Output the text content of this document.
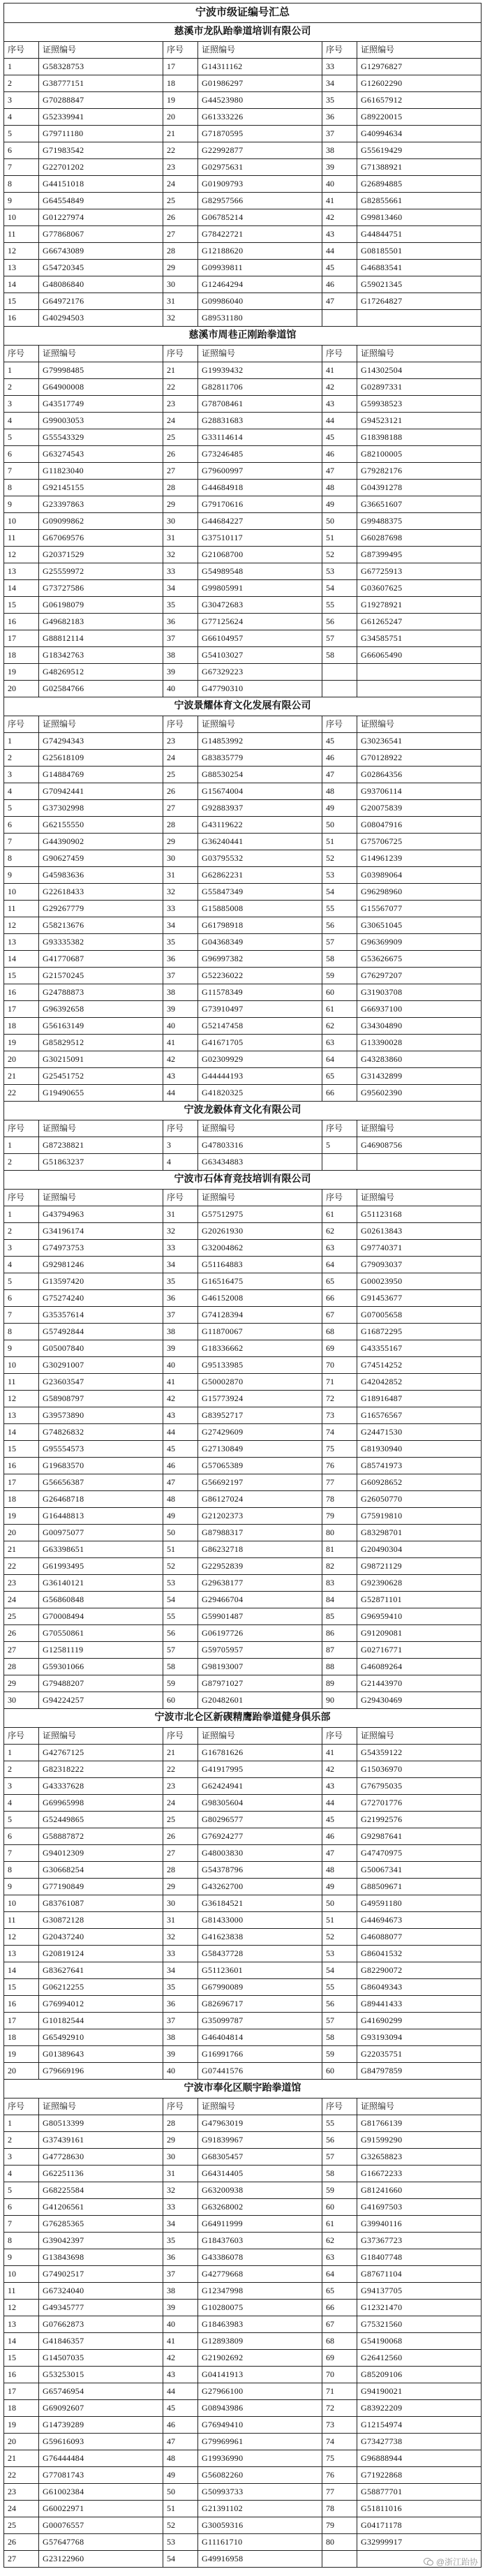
宁波市级证编号汇总
慈溪市龙队跆拳道培训有限公司
序号	证照编号	序号	证照编号	序号	证照编号
1	G58328753	17	G14311162	33	G12976827
2	G38777151	18	G01986297	34	G12602290
3	G70288847	19	G44523980	35	G61657912
4	G52339941	20	G61333226	36	G89220015
5	G79711180	21	G71870595	37	G40994634
6	G71983542	22	G22992877	38	G55619429
7	G22701202	23	G02975631	39	G71388921
8	G44151018	24	G01909793	40	G26894885
9	G64554849	25	G82957566	41	G82855661
10	G01227974	26	G06785214	42	G99813460
11	G77868067	27	G78422721	43	G44844751
12	G66743089	28	G12188620	44	G08185501
13	G54720345	29	G09939811	45	G46883541
14	G48086840	30	G12464294	46	G59021345
15	G64972176	31	G09986040	47	G17264827
16	G40294503	32	G89531180
慈溪市周巷正刚跆拳道馆
序号	证照编号	序号	证照编号	序号	证照编号
1	G79998485	21	G19939432	41	G14302504
2	G64900008	22	G82811706	42	G02897331
3	G43517749	23	G78708461	43	G59938523
4	G99003053	24	G28831683	44	G94523121
5	G55543329	25	G33114614	45	G18398188
6	G63274543	26	G73246485	46	G82100005
7	G11823040	27	G79600997	47	G79282176
8	G92145155	28	G44684918	48	G04391278
9	G23397863	29	G79170616	49	G36651607
10	G09099862	30	G44684227	50	G99488375
11	G67069576	31	G37510117	51	G60287698
12	G20371529	32	G21068700	52	G87399495
13	G25559972	33	G54989548	53	G67725913
14	G73727586	34	G99805991	54	G03607625
15	G06198079	35	G30472683	55	G19278921
16	G49682183	36	G77125624	56	G61265247
17	G88812114	37	G66104957	57	G34585751
18	G18342763	38	G54103027	58	G66065490
19	G48269512	39	G67329223
20	G02584766	40	G47790310
宁波景耀体育文化发展有限公司
序号	证照编号	序号	证照编号	序号	证照编号
1	G74294343	23	G14853992	45	G30236541
2	G25618109	24	G83835779	46	G70128922
3	G14884769	25	G88530254	47	G02864356
4	G70942441	26	G15674004	48	G93706114
5	G37302998	27	G92883937	49	G20075839
6	G62155550	28	G43119622	50	G08047916
7	G44390902	29	G36240441	51	G75706725
8	G90627459	30	G03795532	52	G14961239
9	G45983636	31	G62862231	53	G03989064
10	G22618433	32	G55847349	54	G96298960
11	G29267779	33	G15885008	55	G15567077
12	G58213676	34	G61798918	56	G30651045
13	G93335382	35	G04368349	57	G96369909
14	G41770687	36	G96997382	58	G53626675
15	G21570245	37	G52236022	59	G76297207
16	G24788873	38	G11578349	60	G31903708
17	G96392658	39	G73910497	61	G66937100
18	G56163149	40	G52147458	62	G34304890
19	G85829512	41	G41671705	63	G13390028
20	G30215091	42	G02309929	64	G43283860
21	G25451752	43	G44444193	65	G31432899
22	G19490655	44	G41820325	66	G95602390
宁波龙毅体育文化有限公司
序号	证照编号	序号	证照编号	序号	证照编号
1	G87238821	3	G47803316	5	G46908756
2	G51863237	4	G63434883
宁波市石体育竞技培训有限公司
序号	证照编号	序号	证照编号	序号	证照编号
1	G43794963	31	G57512975	61	G51123168
2	G34196174	32	G20261930	62	G02613843
3	G74973753	33	G32004862	63	G97740371
4	G92981246	34	G51164883	64	G79093037
5	G13597420	35	G16516475	65	G00023950
6	G75274240	36	G46152008	66	G91453677
7	G35357614	37	G74128394	67	G07005658
8	G57492844	38	G11870067	68	G16872295
9	G05007840	39	G18336662	69	G43355167
10	G30291007	40	G95133985	70	G74514252
11	G23603547	41	G50002870	71	G42042852
12	G58908797	42	G15773924	72	G18916487
13	G39573890	43	G83952717	73	G16576567
14	G74826832	44	G27429609	74	G24471530
15	G95554573	45	G27130849	75	G81930940
16	G19683570	46	G57065389	76	G85741973
17	G56656387	47	G56692197	77	G60928652
18	G26468718	48	G86127024	78	G26050770
19	G16448813	49	G21202373	79	G75919810
20	G00975077	50	G87988317	80	G83298701
21	G63398651	51	G86232718	81	G20490304
22	G61993495	52	G22952839	82	G98721129
23	G36140121	53	G29638177	83	G92390628
24	G56860848	54	G29466704	84	G52871101
25	G70008494	55	G59901487	85	G96959410
26	G70550861	56	G06197726	86	G91209081
27	G12581119	57	G59705957	87	G02716771
28	G59301066	58	G98193007	88	G46089264
29	G79488207	59	G87971027	89	G21443970
30	G94224257	60	G20482601	90	G29430469
宁波市北仑区新碶精鹰跆拳道健身俱乐部
序号	证照编号	序号	证照编号	序号	证照编号
1	G42767125	21	G16781626	41	G54359122
2	G82318222	22	G41917995	42	G15036970
3	G43337628	23	G62424941	43	G76795035
4	G69965998	24	G98305604	44	G72701776
5	G52449865	25	G80296577	45	G21992576
6	G58887872	26	G76924277	46	G92987641
7	G94012309	27	G48003830	47	G47470975
8	G30668254	28	G54378796	48	G50067341
9	G77190849	29	G43262700	49	G88509671
10	G83761087	30	G36184521	50	G49591180
11	G30872128	31	G81433000	51	G44694673
12	G20437240	32	G41623838	52	G46088077
13	G20819124	33	G58437728	53	G86041532
14	G83627641	34	G51123601	54	G82290072
15	G06212255	35	G67990089	55	G86049343
16	G76994012	36	G82696717	56	G89441433
17	G10182544	37	G35099787	57	G41690299
18	G65492910	38	G46404814	58	G93193094
19	G01389643	39	G16991766	59	G22035751
20	G79669196	40	G07441576	60	G84797859
宁波市奉化区顺宇跆拳道馆
序号	证照编号	序号	证照编号	序号	证照编号
1	G80513399	28	G47963019	55	G81766139
2	G37439161	29	G91839967	56	G91599290
3	G47728630	30	G68305457	57	G32658823
4	G62251136	31	G64314405	58	G16672233
5	G68225584	32	G63200938	59	G81241660
6	G41206561	33	G63268002	60	G41697503
7	G76285365	34	G64911999	61	G39940116
8	G39042397	35	G18437603	62	G37367723
9	G13843698	36	G43386078	63	G18407748
10	G74902517	37	G42779668	64	G87671104
11	G67324040	38	G12347998	65	G94137705
12	G49345777	39	G10280075	66	G12321470
13	G07662873	40	G18463983	67	G75321560
14	G41846357	41	G12893809	68	G54190068
15	G14507035	42	G21902692	69	G26412560
16	G53253015	43	G04141913	70	G85209106
17	G65746954	44	G27966100	71	G94190021
18	G69092607	45	G08943986	72	G83922209
19	G14739289	46	G76949410	73	G12154974
20	G59616093	47	G79969961	74	G73427738
21	G76444484	48	G19936990	75	G96888944
22	G77081743	49	G56082260	76	G71922868
23	G61002384	50	G50993733	77	G58877701
24	G60022971	51	G21391102	78	G51811016
25	G00076557	52	G30059316	79	G04171178
26	G57647768	53	G11161710	80	G32999917
27	G23122960	54	G49916958	@浙江跆协
